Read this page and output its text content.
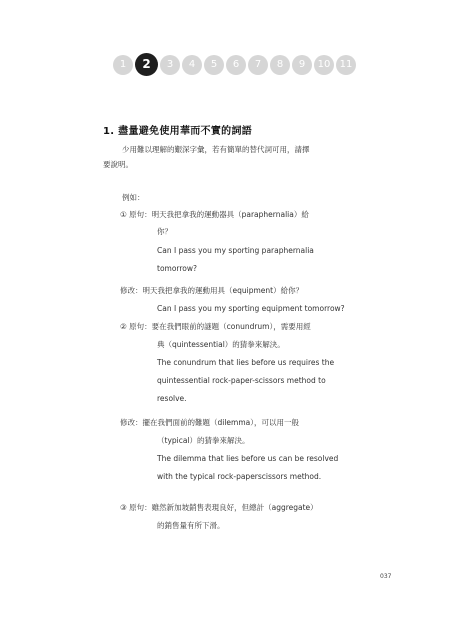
1	2	3	4	5	6	7	8	9	10 11
1. 盡量避免使用華而不實的詞語
少用難以理解的艱深字彙，若有簡單的替代詞可用，請擇
要說明。
例如：
① 原句：明天我把拿我的運動器具（paraphernalia）給
你？
Can I pass you my sporting paraphernalia
tomorrow?
修改：明天我把拿我的運動用具（equipment）給你？
Can I pass you my sporting equipment tomorrow?
② 原句：要在我們眼前的謎題（conundrum），需要用經
典（quintessential）的猜拳來解決。
The conundrum that lies before us requires the
quintessential rock-paper-scissors method to
resolve.
修改：擺在我們面前的難題（dilemma），可以用一般
（typical）的猜拳來解決。
The dilemma that lies before us can be resolved
with the typical rock-paperscissors method.
③ 原句：雖然新加坡銷售表現良好，但總計（aggregate）
的銷售量有所下滑。
037
